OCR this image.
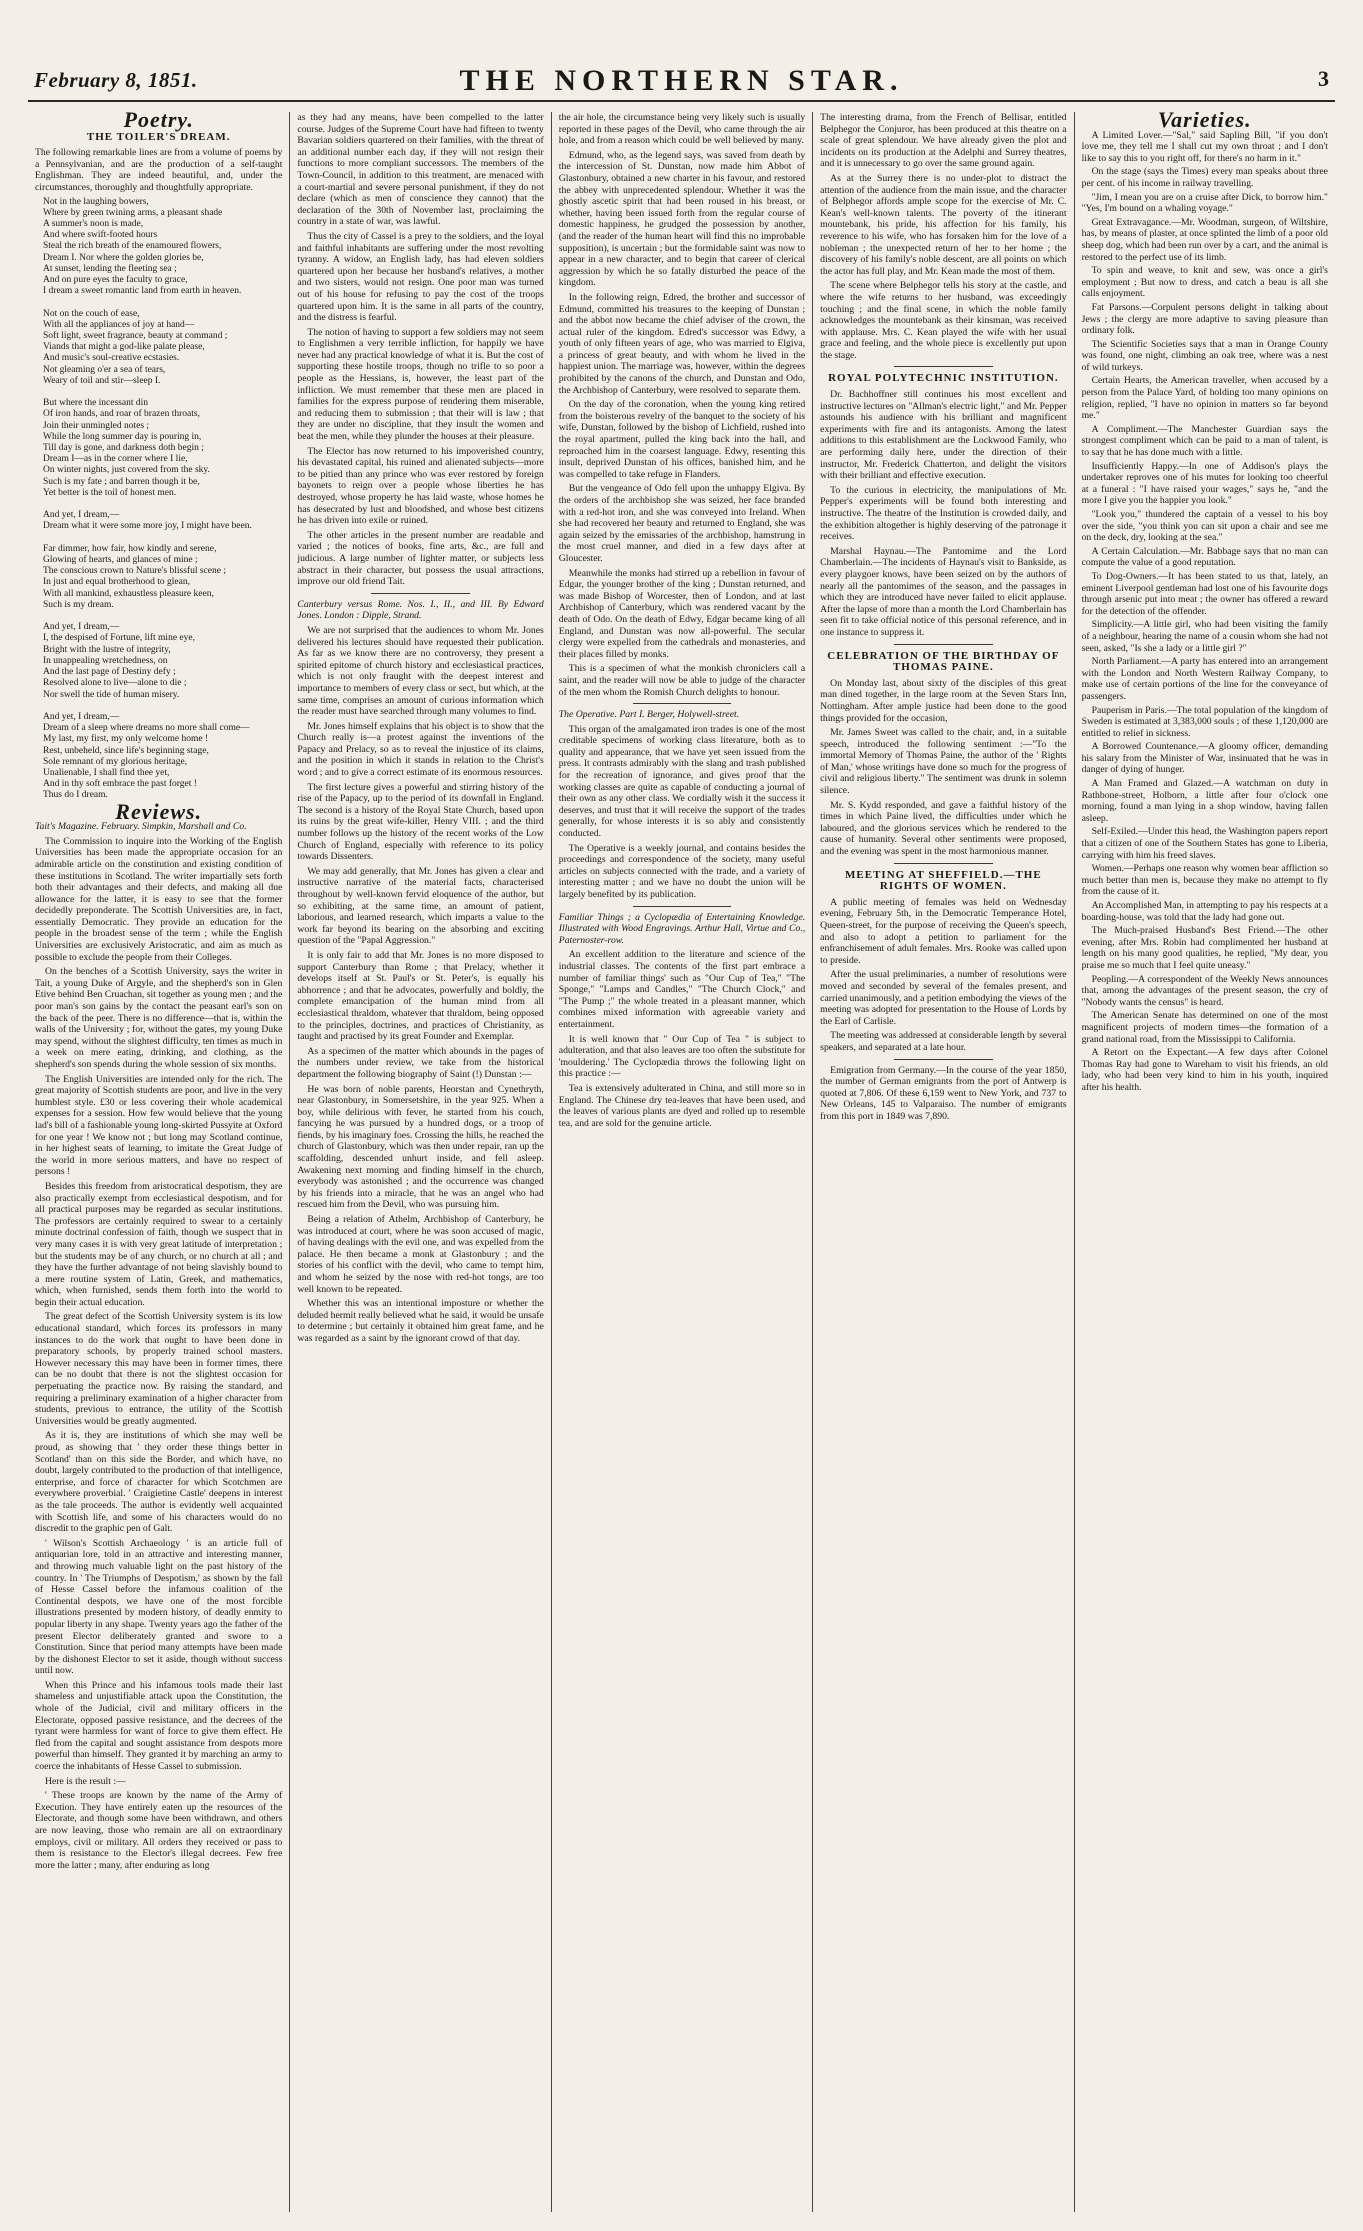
February 8, 1851.	THE NORTHERN STAR.	3
Poetry.
THE TOILER'S DREAM.

The following remarkable lines are from a volume of poems by a Pennsylvanian, and are the production of a self-taught Englishman. They are indeed beautiful, and, under the circumstances, thoroughly and thoughtfully appropriate.

Not in the laughing bowers,
Where by green twining arms, a pleasant shade
A summer's noon is made,
And where swift-footed hours
Steal the rich breath of the enamoured flowers,
Dream I. Nor where the golden glories be,
At sunset, lending the fleeting sea ;
And on pure eyes the faculty to grace,
I dream a sweet romantic land from earth in heaven.

Not on the couch of ease,
With all the appliances of joy at hand—
Soft light, sweet fragrance, beauty at command ;
Viands that might a god-like palate please,
And music's soul-creative ecstasies.
Not gleaming o'er a sea of tears,
Weary of toil and stir—sleep I.

But where the incessant din
Of iron hands, and roar of brazen throats,
Join their unmingled notes ;
While the long summer day is pouring in,
Till day is gone, and darkness doth begin ;
Dream I—as in the corner where I lie,
On winter nights, just covered from the sky.
Such is my fate ; and barren though it be,
Yet better is the toil of honest men.

And yet, I dream,—
Dream what it were some more joy, I might have been.

Far dimmer, how fair, how kindly and serene,
Glowing of hearts, and glances of mine ;
The conscious crown to Nature's blissful scene ;
In just and equal brotherhood to glean,
With all mankind, exhaustless pleasure keen,
Such is my dream.

And yet, I dream,—
I, the despised of Fortune, lift mine eye,
Bright with the lustre of integrity,
In unappealing wretchedness, on
And the last page of Destiny defy ;
Resolved alone to live—alone to die ;
Nor swell the tide of human misery.

And yet, I dream,—
Dream of a sleep where dreams no more shall come—
My last, my first, my only welcome home !
Rest, unbeheld, since life's beginning stage,
Sole remnant of my glorious heritage,
Unalienable, I shall find thee yet,
And in thy soft embrace the past forget !
Thus do I dream.
Reviews.

Tait's Magazine. February. Simpkin, Marshall and Co.

The Commission to inquire into the Working of the English Universities has been made the appropriate occasion for an admirable article on the constitution and existing condition of these institutions in Scotland. The writer impartially sets forth both their advantages and their defects, and making all due allowance for the latter, it is easy to see that the former decidedly preponderate. The Scottish Universities are, in fact, essentially Democratic. They provide an education for the people in the broadest sense of the term ; while the English Universities are exclusively Aristocratic, and aim as much as possible to exclude the people from their Colleges.

On the benches of a Scottish University, says the writer in Tait, a young Duke of Argyle, and the shepherd's son in Glen Etive behind Ben Cruachan, sit together as young men ; and the poor man's son gains by the contact the peasant earl's son on the back of the peer. There is no difference—that is, within the walls of the University ; for, without the gates, my young Duke may spend, without the slightest difficulty, ten times as much in a week on mere eating, drinking, and clothing, as the shepherd's son spends during the whole session of six months.

The English Universities are intended only for the rich. The great majority of Scottish students are poor, and live in the very humblest style. £30 or less covering their whole academical expenses for a session. How few would believe that the young lad's bill of a fashionable young long-skirted Pussyite at Oxford for one year ! We know not ; but long may Scotland continue, in her highest seats of learning, to imitate the Great Judge of the world in more serious matters, and have no respect of persons !

Besides this freedom from aristocratical despotism, they are also practically exempt from ecclesiastical despotism, and for all practical purposes may be regarded as secular institutions. The professors are certainly required to swear to a certainly minute doctrinal confession of faith, though we suspect that in very many cases it is with very great latitude of interpretation ; but the students may be of any church, or no church at all ; and they have the further advantage of not being slavishly bound to a mere routine system of Latin, Greek, and mathematics, which, when furnished, sends them forth into the world to begin their actual education.

The great defect of the Scottish University system is its low educational standard, which forces its professors in many instances to do the work that ought to have been done in preparatory schools, by properly trained school masters. However necessary this may have been in former times, there can be no doubt that there is not the slightest occasion for perpetuating the practice now. By raising the standard, and requiring a preliminary examination of a higher character from students, previous to entrance, the utility of the Scottish Universities would be greatly augmented.

As it is, they are institutions of which she may well be proud, as showing that ' they order these things better in Scotland' than on this side the Border, and which have, no doubt, largely contributed to the production of that intelligence, enterprise, and force of character for which Scotchmen are everywhere proverbial. ' Craigietine Castle' deepens in interest as the tale proceeds. The author is evidently well acquainted with Scottish life, and some of his characters would do no discredit to the graphic pen of Galt.

' Wilson's Scottish Archaeology ' is an article full of antiquarian lore, told in an attractive and interesting manner, and throwing much valuable light on the past history of the country. In ' The Triumphs of Despotism,' as shown by the fall of Hesse Cassel before the infamous coalition of the Continental despots, we have one of the most forcible illustrations presented by modern history, of deadly enmity to popular liberty in any shape. Twenty years ago the father of the present Elector deliberately granted and swore to a Constitution. Since that period many attempts have been made by the dishonest Elector to set it aside, though without success until now.

When this Prince and his infamous tools made their last shameless and unjustifiable attack upon the Constitution, the whole of the Judicial, civil and military officers in the Electorate, opposed passive resistance, and the decrees of the tyrant were harmless for want of force to give them effect. He fled from the capital and sought assistance from despots more powerful than himself. They granted it by marching an army to coerce the inhabitants of Hesse Cassel to submission.

Here is the result :—

' These troops are known by the name of the Army of Execution. They have entirely eaten up the resources of the Electorate, and though some have been withdrawn, and others are now leaving, those who remain are all on extraordinary employs, civil or military. All orders they received or pass to them is resistance to the Elector's illegal decrees. Few free more the latter ; many, after enduring as long

as they had any means, have been compelled to the latter course. Judges of the Supreme Court have had fifteen to twenty Bavarian soldiers quartered on their families, with the threat of an additional number each day, if they will not resign their functions to more compliant successors. The members of the Town-Council, in addition to this treatment, are menaced with a court-martial and severe personal punishment, if they do not declare (which as men of conscience they cannot) that the declaration of the 30th of November last, proclaiming the country in a state of war, was lawful.

Thus the city of Cassel is a prey to the soldiers, and the loyal and faithful inhabitants are suffering under the most revolting tyranny. A widow, an English lady, has had eleven soldiers quartered upon her because her husband's relatives, a mother and two sisters, would not resign. One poor man was turned out of his house for refusing to pay the cost of the troops quartered upon him. It is the same in all parts of the country, and the distress is fearful.

The notion of having to support a few soldiers may not seem to Englishmen a very terrible infliction, for happily we have never had any practical knowledge of what it is. But the cost of supporting these hostile troops, though no trifle to so poor a people as the Hessians, is, however, the least part of the infliction. We must remember that these men are placed in families for the express purpose of rendering them miserable, and reducing them to submission ; that their will is law ; that they are under no discipline, that they insult the women and beat the men, while they plunder the houses at their pleasure.

The Elector has now returned to his impoverished country, his devastated capital, his ruined and alienated subjects—more to be pitied than any prince who was ever restored by foreign bayonets to reign over a people whose liberties he has destroyed, whose property he has laid waste, whose homes he has desecrated by lust and bloodshed, and whose best citizens he has driven into exile or ruined.

The other articles in the present number are readable and varied ; the notices of books, fine arts, &c., are full and judicious. A large number of lighter matter, or subjects less abstract in their character, but possess the usual attractions, improve our old friend Tait.

Canterbury versus Rome. Nos. I., II., and III. By Edward Jones. London : Dipple, Strand.

We are not surprised that the audiences to whom Mr. Jones delivered his lectures should have requested their publication. As far as we know there are no controversy, they present a spirited epitome of church history and ecclesiastical practices, which is not only fraught with the deepest interest and importance to members of every class or sect, but which, at the same time, comprises an amount of curious information which the reader must have searched through many volumes to find.

Mr. Jones himself explains that his object is to show that the Church really is—a protest against the inventions of the Papacy and Prelacy, so as to reveal the injustice of its claims, and the position in which it stands in relation to the Christ's word ; and to give a correct estimate of its enormous resources.

The first lecture gives a powerful and stirring history of the rise of the Papacy, up to the period of its downfall in England. The second is a history of the Royal State Church, based upon its ruins by the great wife-killer, Henry VIII. ; and the third number follows up the history of the recent works of the Low Church of England, especially with reference to its policy towards Dissenters.

We may add generally, that Mr. Jones has given a clear and instructive narrative of the material facts, characterised throughout by well-known fervid eloquence of the author, but so exhibiting, at the same time, an amount of patient, laborious, and learned research, which imparts a value to the work far beyond its bearing on the absorbing and exciting question of the "Papal Aggression."

It is only fair to add that Mr. Jones is no more disposed to support Canterbury than Rome ; that Prelacy, whether it develops itself at St. Paul's or St. Peter's, is equally his abhorrence ; and that he advocates, powerfully and boldly, the complete emancipation of the human mind from all ecclesiastical thraldom, whatever that thraldom, being opposed to the principles, doctrines, and practices of Christianity, as taught and practised by its great Founder and Exemplar.

As a specimen of the matter which abounds in the pages of the numbers under review, we take from the historical department the following biography of Saint (!) Dunstan :—

He was born of noble parents, Heorstan and Cynethryth, near Glastonbury, in Somersetshire, in the year 925. When a boy, while delirious with fever, he started from his couch, fancying he was pursued by a hundred dogs, or a troop of fiends, by his imaginary foes. Crossing the hills, he reached the church of Glastonbury, which was then under repair, ran up the scaffolding, descended unhurt inside, and fell asleep. Awakening next morning and finding himself in the church, everybody was astonished ; and the occurrence was changed by his friends into a miracle, that he was an angel who had rescued him from the Devil, who was pursuing him.

Being a relation of Athelm, Archbishop of Canterbury, he was introduced at court, where he was soon accused of magic, of having dealings with the evil one, and was expelled from the palace. He then became a monk at Glastonbury ; and the stories of his conflict with the devil, who came to tempt him, and whom he seized by the nose with red-hot tongs, are too well known to be repeated.

Whether this was an intentional imposture or whether the deluded hermit really believed what he said, it would be unsafe to determine ; but certainly it obtained him great fame, and he was regarded as a saint by the ignorant crowd of that day.

the air hole, the circumstance being very likely such is usually reported in these pages of the Devil, who came through the air hole, and from a reason which could be well believed by many.

Edmund, who, as the legend says, was saved from death by the intercession of St. Dunstan, now made him Abbot of Glastonbury, obtained a new charter in his favour, and restored the abbey with unprecedented splendour. Whether it was the ghostly ascetic spirit that had been roused in his breast, or whether, having been issued forth from the regular course of domestic happiness, he grudged the possession by another, (and the reader of the human heart will find this no improbable supposition), is uncertain ; but the formidable saint was now to appear in a new character, and to begin that career of clerical aggression by which he so fatally disturbed the peace of the kingdom.

In the following reign, Edred, the brother and successor of Edmund, committed his treasures to the keeping of Dunstan ; and the abbot now became the chief adviser of the crown, the actual ruler of the kingdom. Edred's successor was Edwy, a youth of only fifteen years of age, who was married to Elgiva, a princess of great beauty, and with whom he lived in the happiest union. The marriage was, however, within the degrees prohibited by the canons of the church, and Dunstan and Odo, the Archbishop of Canterbury, were resolved to separate them.

On the day of the coronation, when the young king retired from the boisterous revelry of the banquet to the society of his wife, Dunstan, followed by the bishop of Lichfield, rushed into the royal apartment, pulled the king back into the hall, and reproached him in the coarsest language. Edwy, resenting this insult, deprived Dunstan of his offices, banished him, and he was compelled to take refuge in Flanders.

But the vengeance of Odo fell upon the unhappy Elgiva. By the orders of the archbishop she was seized, her face branded with a red-hot iron, and she was conveyed into Ireland. When she had recovered her beauty and returned to England, she was again seized by the emissaries of the archbishop, hamstrung in the most cruel manner, and died in a few days after at Gloucester.

Meanwhile the monks had stirred up a rebellion in favour of Edgar, the younger brother of the king ; Dunstan returned, and was made Bishop of Worcester, then of London, and at last Archbishop of Canterbury, which was rendered vacant by the death of Odo. On the death of Edwy, Edgar became king of all England, and Dunstan was now all-powerful. The secular clergy were expelled from the cathedrals and monasteries, and their places filled by monks.

This is a specimen of what the monkish chroniclers call a saint, and the reader will now be able to judge of the character of the men whom the Romish Church delights to honour.

The Operative. Part I. Berger, Holywell-street.

This organ of the amalgamated iron trades is one of the most creditable specimens of working class literature, both as to quality and appearance, that we have yet seen issued from the press. It contrasts admirably with the slang and trash published for the recreation of ignorance, and gives proof that the working classes are quite as capable of conducting a journal of their own as any other class. We cordially wish it the success it deserves, and trust that it will receive the support of the trades generally, for whose interests it is so ably and consistently conducted.

The Operative is a weekly journal, and contains besides the proceedings and correspondence of the society, many useful articles on subjects connected with the trade, and a variety of interesting matter ; and we have no doubt the union will be largely benefited by its publication.

Familiar Things ; a Cyclopædia of Entertaining Knowledge. Illustrated with Wood Engravings. Arthur Hall, Virtue and Co., Paternoster-row.

An excellent addition to the literature and science of the industrial classes. The contents of the first part embrace a number of familiar things' such as "Our Cup of Tea," "The Sponge," "Lamps and Candles," "The Church Clock," and "The Pump ;" the whole treated in a pleasant manner, which combines mixed information with agreeable variety and entertainment.

It is well known that " Our Cup of Tea " is subject to adulteration, and that also leaves are too often the substitute for 'mouldering.' The Cyclopædia throws the following light on this practice :—

Tea is extensively adulterated in China, and still more so in England. The Chinese dry tea-leaves that have been used, and the leaves of various plants are dyed and rolled up to resemble tea, and are sold for the genuine article.

The interesting drama, from the French of Bellisar, entitled Belphegor the Conjuror, has been produced at this theatre on a scale of great splendour. We have already given the plot and incidents on its production at the Adelphi and Surrey theatres, and it is unnecessary to go over the same ground again.

As at the Surrey there is no under-plot to distract the attention of the audience from the main issue, and the character of Belphegor affords ample scope for the exercise of Mr. C. Kean's well-known talents. The poverty of the itinerant mountebank, his pride, his affection for his family, his reverence to his wife, who has forsaken him for the love of a nobleman ; the unexpected return of her to her home ; the discovery of his family's noble descent, are all points on which the actor has full play, and Mr. Kean made the most of them.

The scene where Belphegor tells his story at the castle, and where the wife returns to her husband, was exceedingly touching ; and the final scene, in which the noble family acknowledges the mountebank as their kinsman, was received with applause. Mrs. C. Kean played the wife with her usual grace and feeling, and the whole piece is excellently put upon the stage.

ROYAL POLYTECHNIC INSTITUTION.

Dr. Bachhoffner still continues his most excellent and instructive lectures on "Allman's electric light," and Mr. Pepper astounds his audience with his brilliant and magnificent experiments with fire and its antagonists. Among the latest additions to this establishment are the Lockwood Family, who are performing daily here, under the direction of their instructor, Mr. Frederick Chatterton, and delight the visitors with their brilliant and effective execution.

To the curious in electricity, the manipulations of Mr. Pepper's experiments will be found both interesting and instructive. The theatre of the Institution is crowded daily, and the exhibition altogether is highly deserving of the patronage it receives.

Marshal Haynau.—The Pantomime and the Lord Chamberlain.—The incidents of Haynau's visit to Bankside, as every playgoer knows, have been seized on by the authors of nearly all the pantomimes of the season, and the passages in which they are introduced have never failed to elicit applause. After the lapse of more than a month the Lord Chamberlain has seen fit to take official notice of this personal reference, and in one instance to suppress it.

CELEBRATION OF THE BIRTHDAY OF THOMAS PAINE.

On Monday last, about sixty of the disciples of this great man dined together, in the large room at the Seven Stars Inn, Nottingham. After ample justice had been done to the good things provided for the occasion,

Mr. James Sweet was called to the chair, and, in a suitable speech, introduced the following sentiment :—"To the immortal Memory of Thomas Paine, the author of the ' Rights of Man,' whose writings have done so much for the progress of civil and religious liberty." The sentiment was drunk in solemn silence.

Mr. S. Kydd responded, and gave a faithful history of the times in which Paine lived, the difficulties under which he laboured, and the glorious services which he rendered to the cause of humanity. Several other sentiments were proposed, and the evening was spent in the most harmonious manner.

MEETING AT SHEFFIELD.—THE RIGHTS OF WOMEN.

A public meeting of females was held on Wednesday evening, February 5th, in the Democratic Temperance Hotel, Queen-street, for the purpose of receiving the Queen's speech, and also to adopt a petition to parliament for the enfranchisement of adult females. Mrs. Rooke was called upon to preside.

After the usual preliminaries, a number of resolutions were moved and seconded by several of the females present, and carried unanimously, and a petition embodying the views of the meeting was adopted for presentation to the House of Lords by the Earl of Carlisle.

The meeting was addressed at considerable length by several speakers, and separated at a late hour.

Emigration from Germany.—In the course of the year 1850, the number of German emigrants from the port of Antwerp is quoted at 7,806. Of these 6,159 went to New York, and 737 to New Orleans, 145 to Valparaiso. The number of emigrants from this port in 1849 was 7,890.

Varieties.

A Limited Lover.—"Sal," said Sapling Bill, "if you don't love me, they tell me I shall cut my own throat ; and I don't like to say this to you right off, for there's no harm in it."

On the stage (says the Times) every man speaks about three per cent. of his income in railway travelling.

"Jim, I mean you are on a cruise after Dick, to borrow him." "Yes, I'm bound on a whaling voyage."

Great Extravagance.—Mr. Woodman, surgeon, of Wiltshire, has, by means of plaster, at once splinted the limb of a poor old sheep dog, which had been run over by a cart, and the animal is restored to the perfect use of its limb.

To spin and weave, to knit and sew, was once a girl's employment ; But now to dress, and catch a beau is all she calls enjoyment.

Fat Parsons.—Corpulent persons delight in talking about Jews ; the clergy are more adaptive to saving pleasure than ordinary folk.

The Scientific Societies says that a man in Orange County was found, one night, climbing an oak tree, where was a nest of wild turkeys.

Certain Hearts, the American traveller, when accused by a person from the Palace Yard, of holding too many opinions on religion, replied, "I have no opinion in matters so far beyond me."

A Compliment.—The Manchester Guardian says the strongest compliment which can be paid to a man of talent, is to say that he has done much with a little.

Insufficiently Happy.—In one of Addison's plays the undertaker reproves one of his mutes for looking too cheerful at a funeral : "I have raised your wages," says he, "and the more I give you the happier you look."

"Look you," thundered the captain of a vessel to his boy over the side, "you think you can sit upon a chair and see me on the deck, dry, looking at the sea."

A Certain Calculation.—Mr. Babbage says that no man can compute the value of a good reputation.

To Dog-Owners.—It has been stated to us that, lately, an eminent Liverpool gentleman had lost one of his favourite dogs through arsenic put into meat ; the owner has offered a reward for the detection of the offender.

Simplicity.—A little girl, who had been visiting the family of a neighbour, hearing the name of a cousin whom she had not seen, asked, "Is she a lady or a little girl ?"

North Parliament.—A party has entered into an arrangement with the London and North Western Railway Company, to make use of certain portions of the line for the conveyance of passengers.

Pauperism in Paris.—The total population of the kingdom of Sweden is estimated at 3,383,000 souls ; of these 1,120,000 are entitled to relief in sickness.

A Borrowed Countenance.—A gloomy officer, demanding his salary from the Minister of War, insinuated that he was in danger of dying of hunger.

A Man Framed and Glazed.—A watchman on duty in Rathbone-street, Holborn, a little after four o'clock one morning, found a man lying in a shop window, having fallen asleep.

Self-Exiled.—Under this head, the Washington papers report that a citizen of one of the Southern States has gone to Liberia, carrying with him his freed slaves.

Women.—Perhaps one reason why women bear affliction so much better than men is, because they make no attempt to fly from the cause of it.

An Accomplished Man, in attempting to pay his respects at a boarding-house, was told that the lady had gone out.

The Much-praised Husband's Best Friend.—The other evening, after Mrs. Robin had complimented her husband at length on his many good qualities, he replied, "My dear, you praise me so much that I feel quite uneasy."

Peopling.—A correspondent of the Weekly News announces that, among the advantages of the present season, the cry of "Nobody wants the census" is heard.

The American Senate has determined on one of the most magnificent projects of modern times—the formation of a grand national road, from the Mississippi to California.

A Retort on the Expectant.—A few days after Colonel Thomas Ray had gone to Wareham to visit his friends, an old lady, who had been very kind to him in his youth, inquired after his health.
